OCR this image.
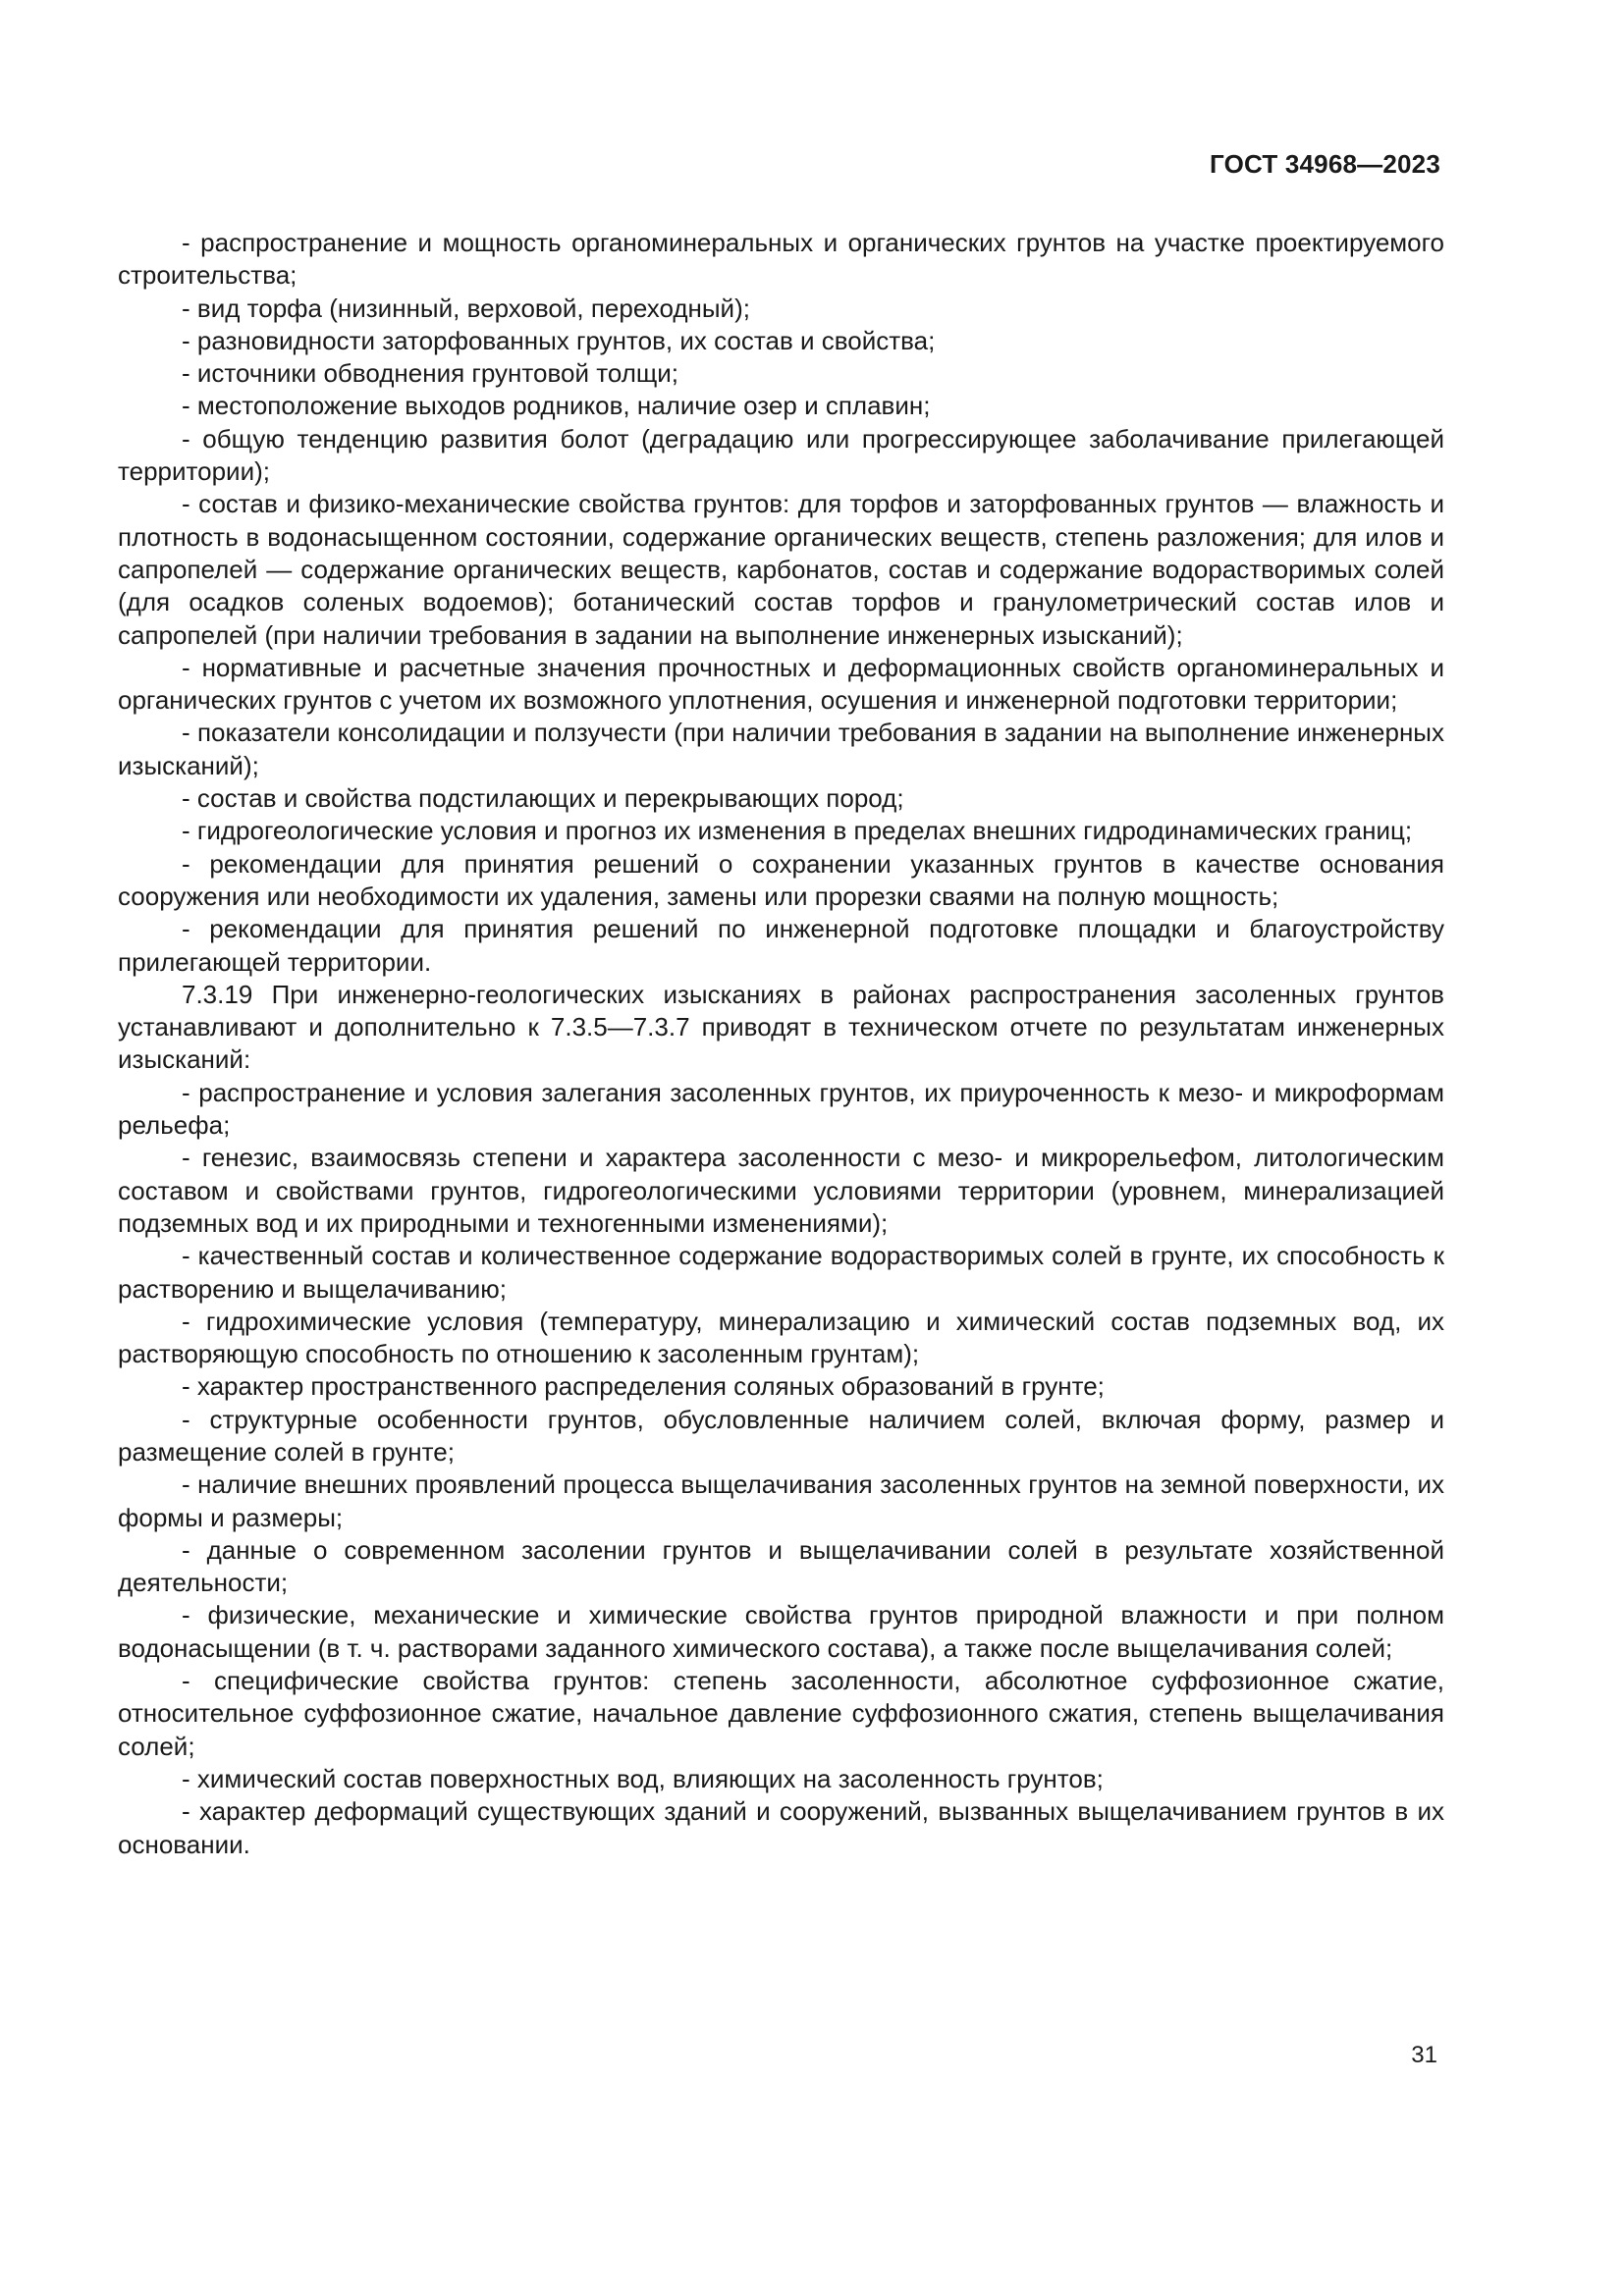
ГОСТ 34968—2023

- распространение и мощность органоминеральных и органических грунтов на участке проектируемого строительства;

- вид торфа (низинный, верховой, переходный);

- разновидности заторфованных грунтов, их состав и свойства;

- источники обводнения грунтовой толщи;

- местоположение выходов родников, наличие озер и сплавин;

- общую тенденцию развития болот (деградацию или прогрессирующее заболачивание прилегающей территории);

- состав и физико-механические свойства грунтов: для торфов и заторфованных грунтов — влажность и плотность в водонасыщенном состоянии, содержание органических веществ, степень разложения; для илов и сапропелей — содержание органических веществ, карбонатов, состав и содержание водорастворимых солей (для осадков соленых водоемов); ботанический состав торфов и гранулометрический состав илов и сапропелей (при наличии требования в задании на выполнение инженерных изысканий);

- нормативные и расчетные значения прочностных и деформационных свойств органоминеральных и органических грунтов с учетом их возможного уплотнения, осушения и инженерной подготовки территории;

- показатели консолидации и ползучести (при наличии требования в задании на выполнение инженерных изысканий);

- состав и свойства подстилающих и перекрывающих пород;

- гидрогеологические условия и прогноз их изменения в пределах внешних гидродинамических границ;

- рекомендации для принятия решений о сохранении указанных грунтов в качестве основания сооружения или необходимости их удаления, замены или прорезки сваями на полную мощность;

- рекомендации для принятия решений по инженерной подготовке площадки и благоустройству прилегающей территории.

7.3.19 При инженерно-геологических изысканиях в районах распространения засоленных грунтов устанавливают и дополнительно к 7.3.5—7.3.7 приводят в техническом отчете по результатам инженерных изысканий:

- распространение и условия залегания засоленных грунтов, их приуроченность к мезо- и микроформам рельефа;

- генезис, взаимосвязь степени и характера засоленности с мезо- и микрорельефом, литологическим составом и свойствами грунтов, гидрогеологическими условиями территории (уровнем, минерализацией подземных вод и их природными и техногенными изменениями);

- качественный состав и количественное содержание водорастворимых солей в грунте, их способность к растворению и выщелачиванию;

- гидрохимические условия (температуру, минерализацию и химический состав подземных вод, их растворяющую способность по отношению к засоленным грунтам);

- характер пространственного распределения соляных образований в грунте;

- структурные особенности грунтов, обусловленные наличием солей, включая форму, размер и размещение солей в грунте;

- наличие внешних проявлений процесса выщелачивания засоленных грунтов на земной поверхности, их формы и размеры;

- данные о современном засолении грунтов и выщелачивании солей в результате хозяйственной деятельности;

- физические, механические и химические свойства грунтов природной влажности и при полном водонасыщении (в т. ч. растворами заданного химического состава), а также после выщелачивания солей;

- специфические свойства грунтов: степень засоленности, абсолютное суффозионное сжатие, относительное суффозионное сжатие, начальное давление суффозионного сжатия, степень выщелачивания солей;

- химический состав поверхностных вод, влияющих на засоленность грунтов;

- характер деформаций существующих зданий и сооружений, вызванных выщелачиванием грунтов в их основании.

31
